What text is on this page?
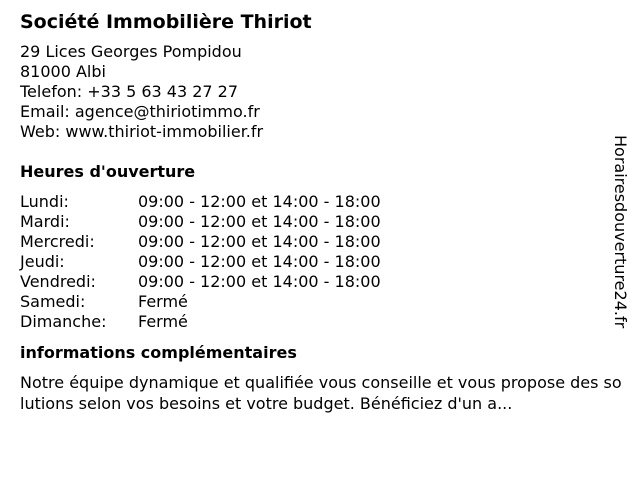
Société Immobilière Thiriot
29 Lices Georges Pompidou
81000 Albi
Telefon: +33 5 63 43 27 27
Email: agence@thiriotimmo.fr
Web: www.thiriot-immobilier.fr
Heures d'ouverture
Lundi:	09:00 - 12:00 et 14:00 - 18:00
Mardi:	09:00 - 12:00 et 14:00 - 18:00
Mercredi:	09:00 - 12:00 et 14:00 - 18:00
Jeudi:	09:00 - 12:00 et 14:00 - 18:00
Vendredi:	09:00 - 12:00 et 14:00 - 18:00
Samedi:	Fermé
Dimanche:	Fermé
informations complémentaires
Notre équipe dynamique et qualifiée vous conseille et vous propose des solutions selon vos besoins et votre budget. Bénéficiez d'un a...
Horairesdouverture24.fr
